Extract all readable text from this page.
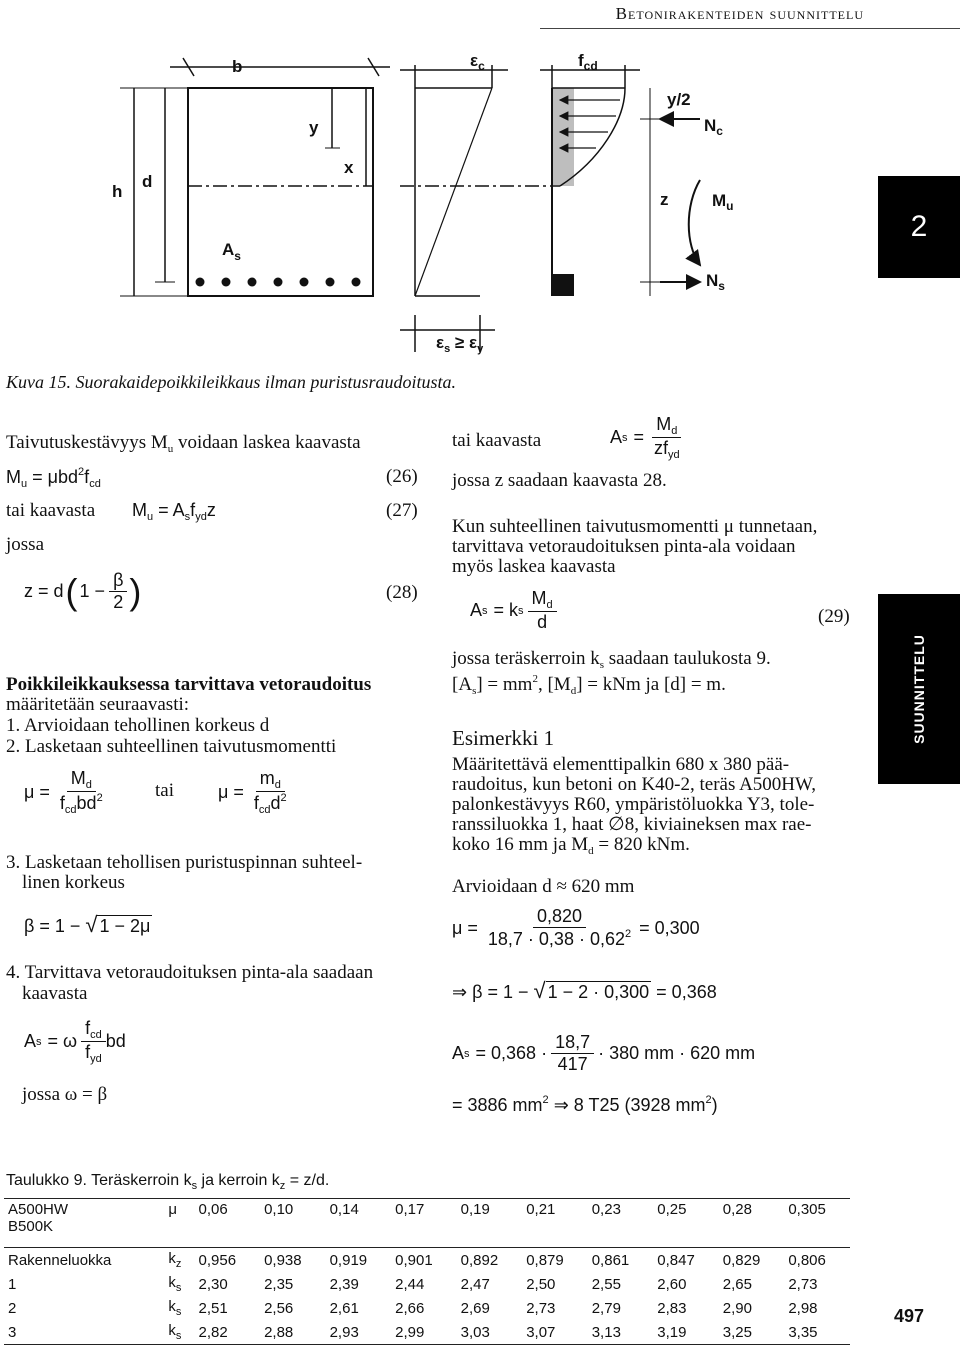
Betonirakenteiden suunnittelu
2
SUUNNITTELU
b
h
d
$A_s$
y
x
$\varepsilon_c$	$f_{cd}$
y/2
$N_c$
z	$M_u$
$N_s$
$\varepsilon_s \ge \varepsilon_y$
Kuva 15. Suorakaidepoikkileikkaus ilman puristusraudoitusta.
Taivutuskestävyys $M_u$ voidaan laskea kaavasta
$M_u = \mu bd^2f_{cd}$	(26)
tai kaavasta $M_u = A_sf_{yd}z$	(27)
jossa
z = d ( $1 - \frac{\beta}{2}$ )	(28)
Poikkileikkauksessa tarvittava vetoraudoitus
määritetään seuraavasti:
1. Arvioidaan tehollinen korkeus d
2. Lasketaan suhteellinen taivutusmomentti
$\mu = \frac{M_d}{f_{cd}bd^2}$	tai $\mu = \frac{m_d}{f_{cd}d^2}$
3. Lasketaan tehollisen puristuspinnan suhteel-
linen korkeus
β = 1 − √ 1 − 2μ
4. Tarvittava vetoraudoituksen pinta-ala saadaan
kaavasta
A s = ω $\frac{f_{cd}}{f_{yd}}$ bd
jossa ω = β
tai kaavasta	A $s = \frac{M_d}{zf_{yd}}$
jossa z saadaan kaavasta 28.
Kun suhteellinen taivutusmomentti μ tunnetaan,
tarvittava vetoraudoituksen pinta-ala voidaan
myös laskea kaavasta
A s = k s $\frac{M_d}{d}$	(29)
jossa teräskerroin $k_s$ saadaan taulukosta 9.
$[A_s] = mm^2$, $[M_d]$ = kNm ja [d] = m.
Esimerkki 1
Määritettävä elementtipalkin 680 x 380 pää-
raudoitus, kun betoni on K40-2, teräs A500HW,
palonkestävyys R60, ympäristöluokka Y3, tole-
ranssiluokka 1, haat ∅8, kiviaineksen max rae-
koko 16 mm ja $M_d = 820$ kNm.
Arvioidaan d ≈ 620 mm
$\mu = \frac{0,820}{18,7 \cdot 0,38 \cdot 0,62^2} = 0,300$
⇒ β = 1 − √ 1 − 2 · 0,300 = 0,368
A $s = 0,368 \cdot \frac{18,7}{417} \cdot 380$ mm · 620 mm
= 3886 $mm^2$ ⇒ 8 T25 (3928 $mm^2$)
Taulukko 9. Teräskerroin $k_s$ ja kerroin $k_z = z/d$.
A500HW
B500K	μ	0,06	0,10	0,14	0,17	0,19	0,21	0,23	0,25	0,28	0,305

Rakenneluokka	$k_z$	0,956	0,938	0,919	0,901	0,892	0,879	0,861	0,847	0,829	0,806
1	$k_s$	2,30	2,35	2,39	2,44	2,47	2,50	2,55	2,60	2,65	2,73
2	$k_s$	2,51	2,56	2,61	2,66	2,69	2,73	2,79	2,83	2,90	2,98
3	$k_s$	2,82	2,88	2,93	2,99	3,03	3,07	3,13	3,19	3,25	3,35
497
